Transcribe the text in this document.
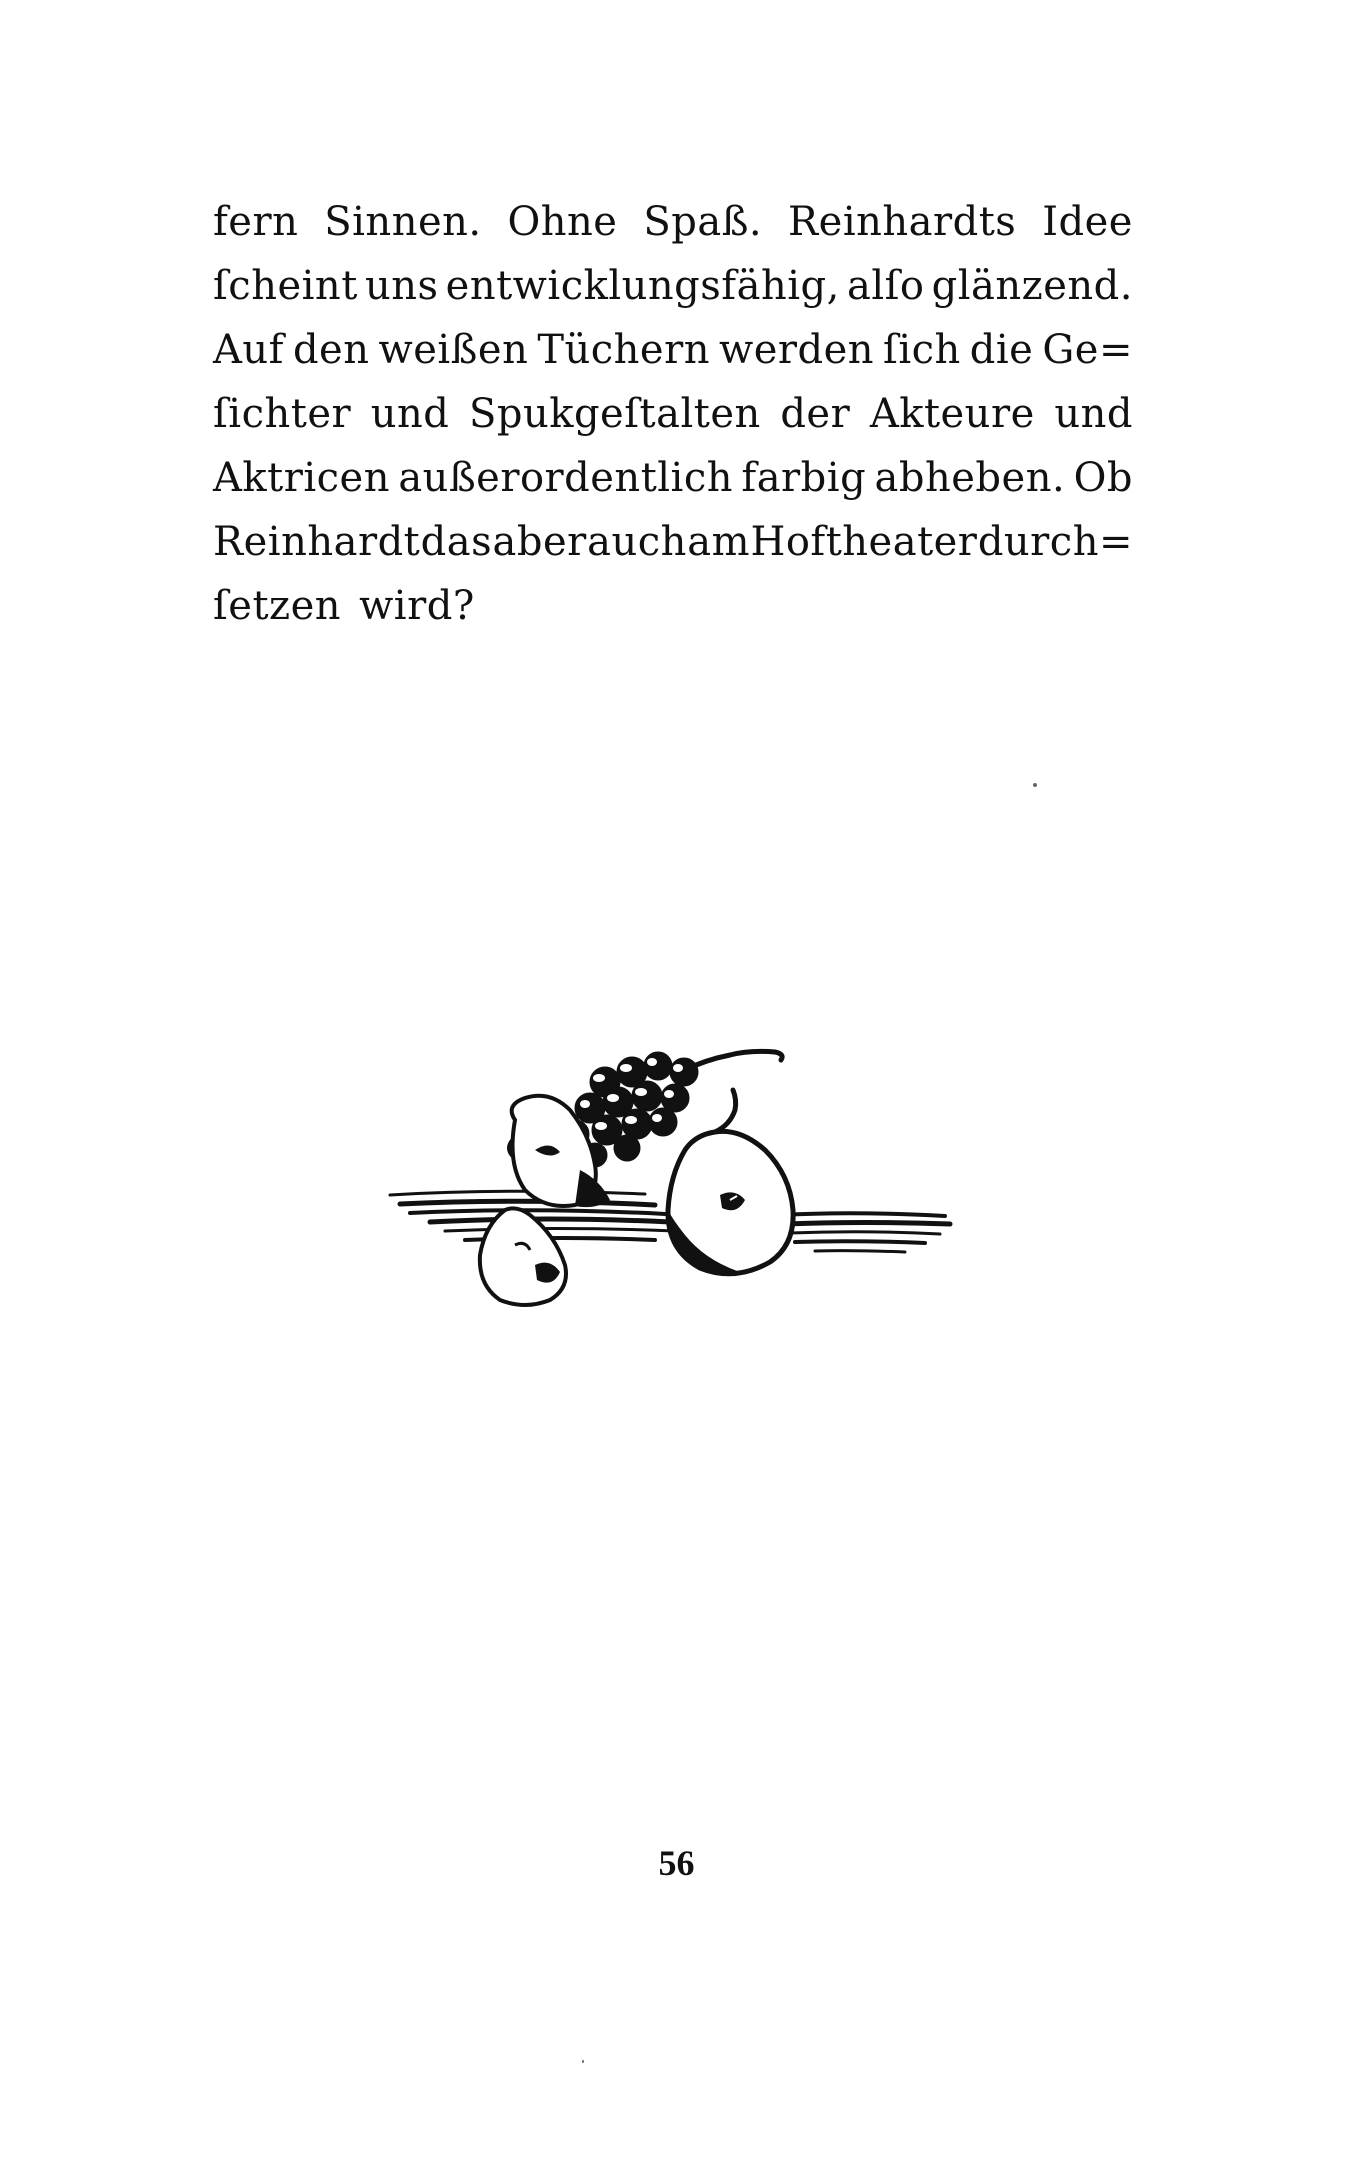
fern Sinnen. Ohne Spaß. Reinhardts Idee
ſcheint uns entwicklungsfähig, alſo glänzend.
Auf den weißen Tüchern werden ſich die Ge=
ſichter und Spukgeſtalten der Akteure und
Aktricen außerordentlich farbig abheben. Ob
Reinhardt das aber auch am Hoftheater durch=
ſetzen wird?
56
